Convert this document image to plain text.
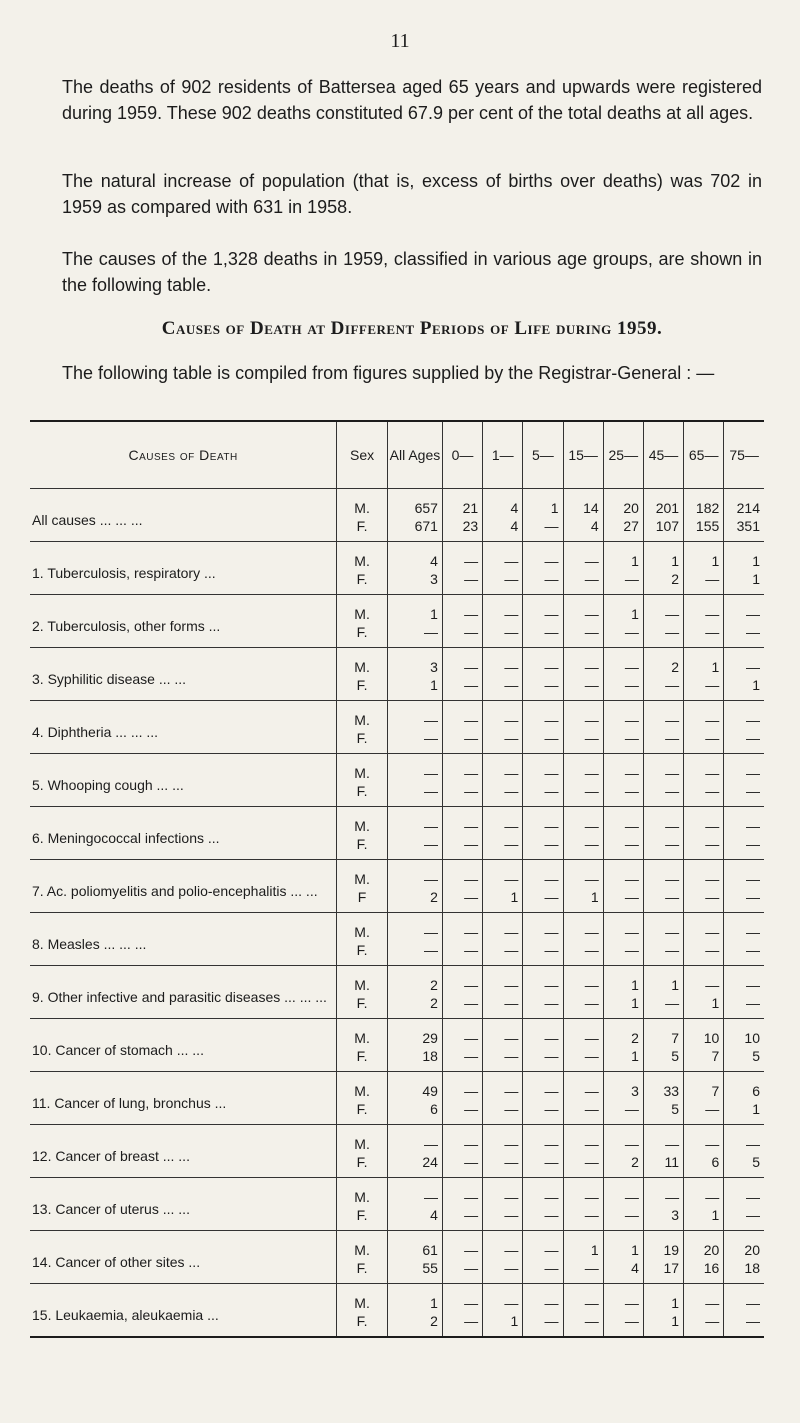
11

The deaths of 902 residents of Battersea aged 65 years and upwards were registered during 1959. These 902 deaths constituted 67.9 per cent of the total deaths at all ages.

The natural increase of population (that is, excess of births over deaths) was 702 in 1959 as compared with 631 in 1958.

The causes of the 1,328 deaths in 1959, classified in various age groups, are shown in the following table.

Causes of Death at Different Periods of Life during 1959.

The following table is compiled from figures supplied by the Registrar-General : —

Causes of Death	Sex	All Ages	0—	1—	5—	15—	25—	45—	65—	75—
All causes ... ... ...	M.	657	21	4	1	14	20	201	182	214
	F.	671	23	4	—	4	27	107	155	351
1. Tuberculosis, respiratory ...	M.	4	—	—	—	—	1	1	1	1
	F.	3	—	—	—	—	—	2	—	1
2. Tuberculosis, other forms ...	M.	1	—	—	—	—	1	—	—	—
	F.	—	—	—	—	—	—	—	—	—
3. Syphilitic disease ... ...	M.	3	—	—	—	—	—	2	1	—
	F.	1	—	—	—	—	—	—	—	1
4. Diphtheria ... ... ...	M.	—	—	—	—	—	—	—	—	—
	F.	—	—	—	—	—	—	—	—	—
5. Whooping cough ... ...	M.	—	—	—	—	—	—	—	—	—
	F.	—	—	—	—	—	—	—	—	—
6. Meningococcal infections ...	M.	—	—	—	—	—	—	—	—	—
	F.	—	—	—	—	—	—	—	—	—
7. Ac. poliomyelitis and polio-encephalitis ... ...	M.	—	—	—	—	—	—	—	—	—
	F	2	—	1	—	1	—	—	—	—
8. Measles ... ... ...	M.	—	—	—	—	—	—	—	—	—
	F.	—	—	—	—	—	—	—	—	—
9. Other infective and parasitic diseases ... ... ...	M.	2	—	—	—	—	1	1	—	—
	F.	2	—	—	—	—	1	—	1	—
10. Cancer of stomach ... ...	M.	29	—	—	—	—	2	7	10	10
	F.	18	—	—	—	—	1	5	7	5
11. Cancer of lung, bronchus ...	M.	49	—	—	—	—	3	33	7	6
	F.	6	—	—	—	—	—	5	—	1
12. Cancer of breast ... ...	M.	—	—	—	—	—	—	—	—	—
	F.	24	—	—	—	—	2	11	6	5
13. Cancer of uterus ... ...	M.	—	—	—	—	—	—	—	—	—
	F.	4	—	—	—	—	—	3	1	—
14. Cancer of other sites ...	M.	61	—	—	—	1	1	19	20	20
	F.	55	—	—	—	—	4	17	16	18
15. Leukaemia, aleukaemia ...	M.	1	—	—	—	—	—	1	—	—
	F.	2	—	1	—	—	—	1	—	—
